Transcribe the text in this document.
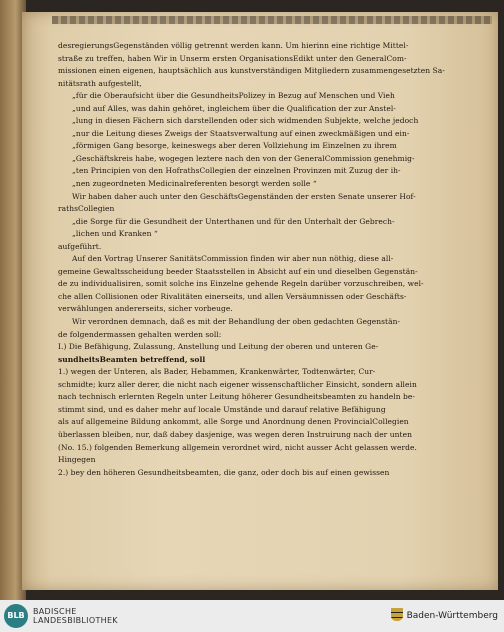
desregierungsGegenständen völlig getrennt werden kann. Um hierinn eine richtige Mittel-
straße zu treffen, haben Wir in Unserm ersten OrganisationsEdikt unter den GeneralCom-
missionen einen eigenen, hauptsächlich aus kunstverständigen Mitgliedern zusammengesetzten Sa-
nitätsrath aufgestellt,
„für die Oberaufsicht über die GesundheitsPolizey in Bezug auf Menschen und Vieh
„und auf Alles, was dahin gehöret, ingleichem über die Qualification der zur Anstel-
„lung in diesen Fächern sich darstellenden oder sich widmenden Subjekte, welche jedoch
„nur die Leitung dieses Zweigs der Staatsverwaltung auf einen zweckmäßigen und ein-
„förmigen Gang besorge, keineswegs aber deren Vollziehung im Einzelnen zu ihrem
„Geschäftskreis habe, wogegen leztere nach den von der GeneralCommission genehmig-
„ten Principien von den HofrathsCollegien der einzelnen Provinzen mit Zuzug der ih-
„nen zugeordneten Medicinalreferenten besorgt werden solle “
Wir haben daher auch unter den GeschäftsGegenständen der ersten Senate unserer Hof-
rathsCollegien
„die Sorge für die Gesundheit der Unterthanen und für den Unterhalt der Gebrech-
„lichen und Kranken “
aufgeführt.
Auf den Vortrag Unserer SanitätsCommission finden wir aber nun nöthig, diese all-
gemeine Gewaltsscheidung beeder Staatsstellen in Absicht auf ein und dieselben Gegenstän-
de zu individualisiren, somit solche ins Einzelne gehende Regeln darüber vorzuschreiben, wel-
che allen Collisionen oder Rivalitäten einerseits, und allen Versäumnissen oder Geschäfts-
verwählungen andererseits, sicher vorbeuge.
Wir verordnen demnach, daß es mit der Behandlung der oben gedachten Gegenstän-
de folgendermassen gehalten werden soll:
I.) Die Befähigung, Zulassung, Anstellung und Leitung der oberen und unteren Ge-
sundheitsBeamten betreffend, soll
1.) wegen der Unteren, als Bader, Hebammen, Krankenwärter, Todtenwärter, Cur-
schmidte; kurz aller derer, die nicht nach eigener wissenschaftlicher Einsicht, sondern allein
nach technisch erlernten Regeln unter Leitung höherer Gesundheitsbeamten zu handeln be-
stimmt sind, und es daher mehr auf locale Umstände und darauf relative Befähigung
als auf allgemeine Bildung ankommt, alle Sorge und Anordnung denen ProvincialCollegien
überlassen bleiben, nur, daß dabey dasjenige, was wegen deren Instruirung nach der unten
(No. 15.) folgenden Bemerkung allgemein verordnet wird, nicht ausser Acht gelassen werde.
Hingegen
2.) bey den höheren Gesundheitsbeamten, die ganz, oder doch bis auf einen gewissen
BLB	BADISCHE
LANDESBIBLIOTHEK	Baden-Württemberg
